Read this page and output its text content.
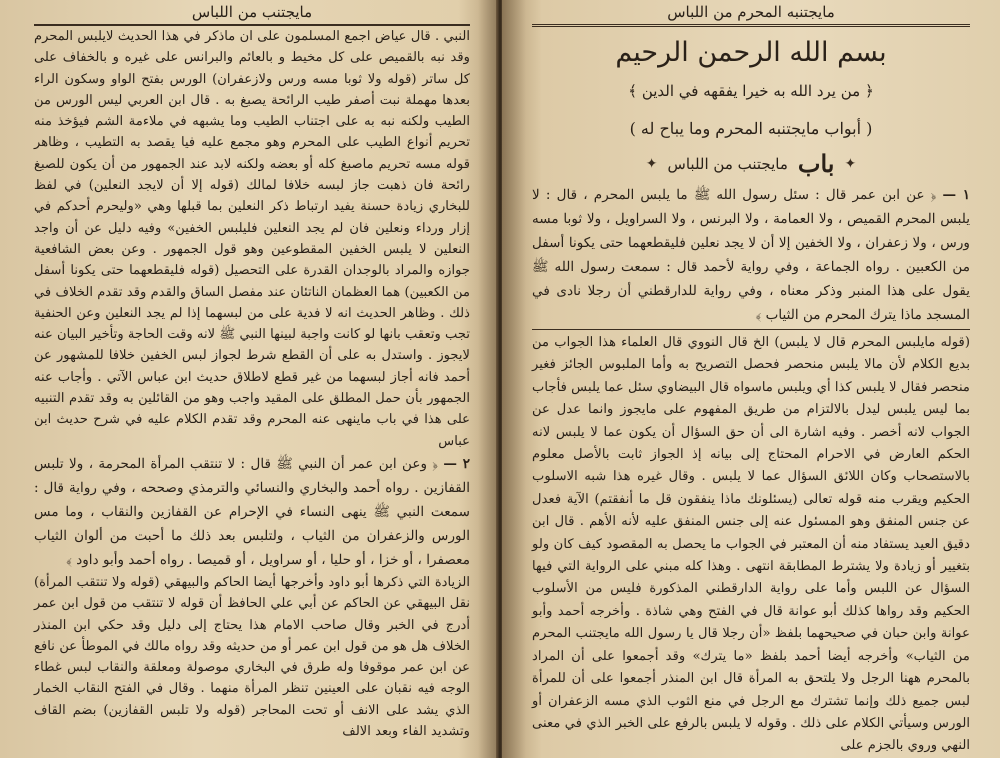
مايجتنب من اللباس

النبي . قال عياض اجمع المسلمون على ان ماذكر في هذا الحديث لايلبس المحرم وقد نبه بالقميص على كل مخيط و بالعائم والبرانس على غيره و بالخفاف على كل ساتر (قوله ولا ثوبا مسه ورس ولازعفران) الورس بفتح الواو وسكون الراء بعدها مهملة نبت أصفر طيب الرائحة يصبغ به . قال ابن العربي ليس الورس من الطيب ولكنه نبه به على اجتناب الطيب وما يشبهه في ملاءمة الشم فيؤخذ منه تحريم أنواع الطيب على المحرم وهو مجمع عليه فيا يقصد به التطيب ، وظاهر قوله مسه تحريم ماصبغ كله أو بعضه ولكنه لابد عند الجمهور من أن يكون للصبغ رائحة فان ذهبت جاز لبسه خلافا لمالك (قوله إلا أن لايجد النعلين) في لفظ للبخاري زيادة حسنة يفيد ارتباط ذكر النعلين بما قبلها وهي «وليحرم أحدكم في إزار ورداء ونعلين فان لم يجد النعلين فليلبس الخفين» وفيه دليل عن أن واجد النعلين لا يلبس الخفين المقطوعين وهو قول الجمهور . وعن بعض الشافعية جوازه والمراد بالوجدان القدرة على التحصيل (قوله فليقطعهما حتى يكونا أسفل من الكعبين) هما العظمان الناتئان عند مفصل الساق والقدم وقد تقدم الخلاف في ذلك . وظاهر الحديث انه لا فدية على من لبسهما إذا لم يجد النعلين وعن الحنفية تجب وتعقب بانها لو كانت واجبة لبينها النبي ﷺ لانه وقت الحاجة وتأخير البيان عنه لايجوز . واستدل به على أن القطع شرط لجواز لبس الخفين خلافا للمشهور عن أحمد فانه أجاز لبسهما من غير قطع لاطلاق حديث ابن عباس الآتي . وأجاب عنه الجمهور بأن حمل المطلق على المقيد واجب وهو من القائلين به وقد تقدم التنبيه على هذا في باب ماينهى عنه المحرم وقد تقدم الكلام عليه في شرح حديث ابن عباس

٢ — ﴿ وعن ابن عمر أن النبي ﷺ قال : لا تنتقب المرأة المحرمة ، ولا تلبس القفازين . رواه أحمد والبخاري والنسائي والترمذي وصححه ، وفي رواية قال : سمعت النبي ﷺ ينهى النساء في الإحرام عن القفازين والنقاب ، وما مس الورس والزعفران من الثياب ، ولتلبس بعد ذلك ما أحبت من ألوان الثياب معصفرا ، أو خزا ، أو حليا ، أو سراويل ، أو قميصا . رواه أحمد وأبو داود ﴾

الزيادة التي ذكرها أبو داود وأخرجها أيضا الحاكم والبيهقي (قوله ولا تنتقب المرأة) نقل البيهقي عن الحاكم عن أبي علي الحافظ أن قوله لا تنتقب من قول ابن عمر أدرج في الخبر وقال صاحب الامام هذا يحتاج إلى دليل وقد حكي ابن المنذر الخلاف هل هو من قول ابن عمر أو من حديثه وقد رواه مالك في الموطأ عن نافع عن ابن عمر موقوفا وله طرق في البخاري موصولة ومعلقة والنقاب لبس غطاء الوجه فيه نقبان على العينين تنظر المرأة منهما . وقال في الفتح النقاب الخمار الذي يشد على الانف أو تحت المحاجر (قوله ولا تلبس القفازين) بضم القاف وتشديد الفاء وبعد الالف

مايجتنبه المحرم من اللباس

بسم الله الرحمن الرحيم

﴿ من يرد الله به خيرا يفقهه في الدين ﴾

( أبواب مايجتنبه المحرم وما يباح له )

✦
باب
مايجتنب من اللباس
✦

١ — ﴿ عن ابن عمر قال : سئل رسول الله ﷺ ما يلبس المحرم ، قال : لا يلبس المحرم القميص ، ولا العمامة ، ولا البرنس ، ولا السراويل ، ولا ثوبا مسه ورس ، ولا زعفران ، ولا الخفين إلا أن لا يجد نعلين فليقطعهما حتى يكونا أسفل من الكعبين . رواه الجماعة ، وفي رواية لأحمد قال : سمعت رسول الله ﷺ يقول على هذا المنبر وذكر معناه ، وفي رواية للدارقطني أن رجلا نادى في المسجد ماذا يترك المحرم من الثياب ﴾

(قوله مايلبس المحرم قال لا يلبس) الخ قال النووي قال العلماء هذا الجواب من بديع الكلام لأن مالا يلبس منحصر فحصل التصريح به وأما الملبوس الجائز فغير منحصر فقال لا يلبس كذا أي ويلبس ماسواه قال البيضاوي سئل عما يلبس فأجاب بما ليس يلبس ليدل بالالتزام من طريق المفهوم على مايجوز وانما عدل عن الجواب لانه أخصر . وفيه اشارة الى أن حق السؤال أن يكون عما لا يلبس لانه الحكم العارض في الاحرام المحتاج إلى بيانه إذ الجواز ثابت بالأصل معلوم بالاستصحاب وكان اللائق السؤال عما لا يلبس . وقال غيره هذا شبه الاسلوب الحكيم ويقرب منه قوله تعالى (يسئلونك ماذا ينفقون قل ما أنفقتم) الآية فعدل عن جنس المنفق وهو المسئول عنه إلى جنس المنفق عليه لأنه الأهم . قال ابن دقيق العيد يستفاد منه أن المعتبر في الجواب ما يحصل به المقصود كيف كان ولو بتغيير أو زيادة ولا يشترط المطابقة انتهى . وهذا كله مبني على الرواية التي فيها السؤال عن اللبس وأما على رواية الدارقطني المذكورة فليس من الأسلوب الحكيم وقد رواها كذلك أبو عوانة قال في الفتح وهي شاذة . وأخرجه أحمد وأبو عوانة وابن حبان في صحيحهما بلفظ «أن رجلا قال يا رسول الله مايجتنب المحرم من الثياب» وأخرجه أيضا أحمد بلفظ «ما يترك» وقد أجمعوا على أن المراد بالمحرم ههنا الرجل ولا يلتحق به المرأة قال ابن المنذر أجمعوا على أن للمرأة لبس جميع ذلك وإنما تشترك مع الرجل في منع الثوب الذي مسه الزعفران أو الورس وسيأتي الكلام على ذلك . وقوله لا يلبس بالرفع على الخبر الذي في معنى النهي وروي بالجزم على
